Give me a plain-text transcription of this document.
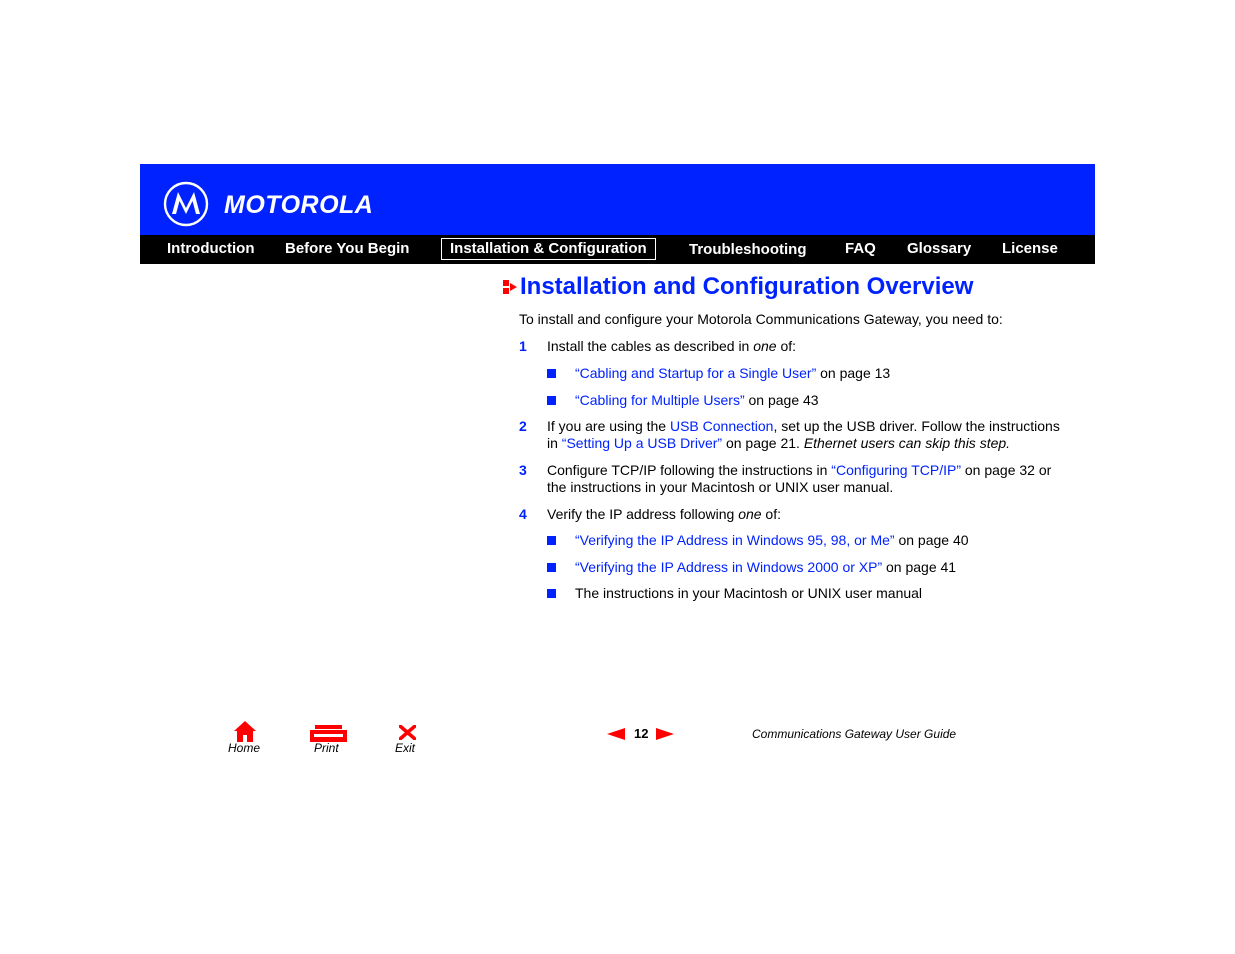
MOTOROLA
Introduction Before You Begin	Installation & Configuration	Troubleshooting	FAQ Glossary License
Installation and Configuration Overview
To install and configure your Motorola Communications Gateway, you need to:
1 Install the cables as described in one of:
“Cabling and Startup for a Single User” on page 13
“Cabling for Multiple Users” on page 43
2 If you are using the USB Connection, set up the USB driver. Follow the instructions
in “Setting Up a USB Driver” on page 21. Ethernet users can skip this step.
3 Configure TCP/IP following the instructions in “Configuring TCP/IP” on page 32 or
the instructions in your Macintosh or UNIX user manual.
4 Verify the IP address following one of:
“Verifying the IP Address in Windows 95, 98, or Me” on page 40
“Verifying the IP Address in Windows 2000 or XP” on page 41
The instructions in your Macintosh or UNIX user manual
Home	Print	Exit
12	Communications Gateway User Guide
